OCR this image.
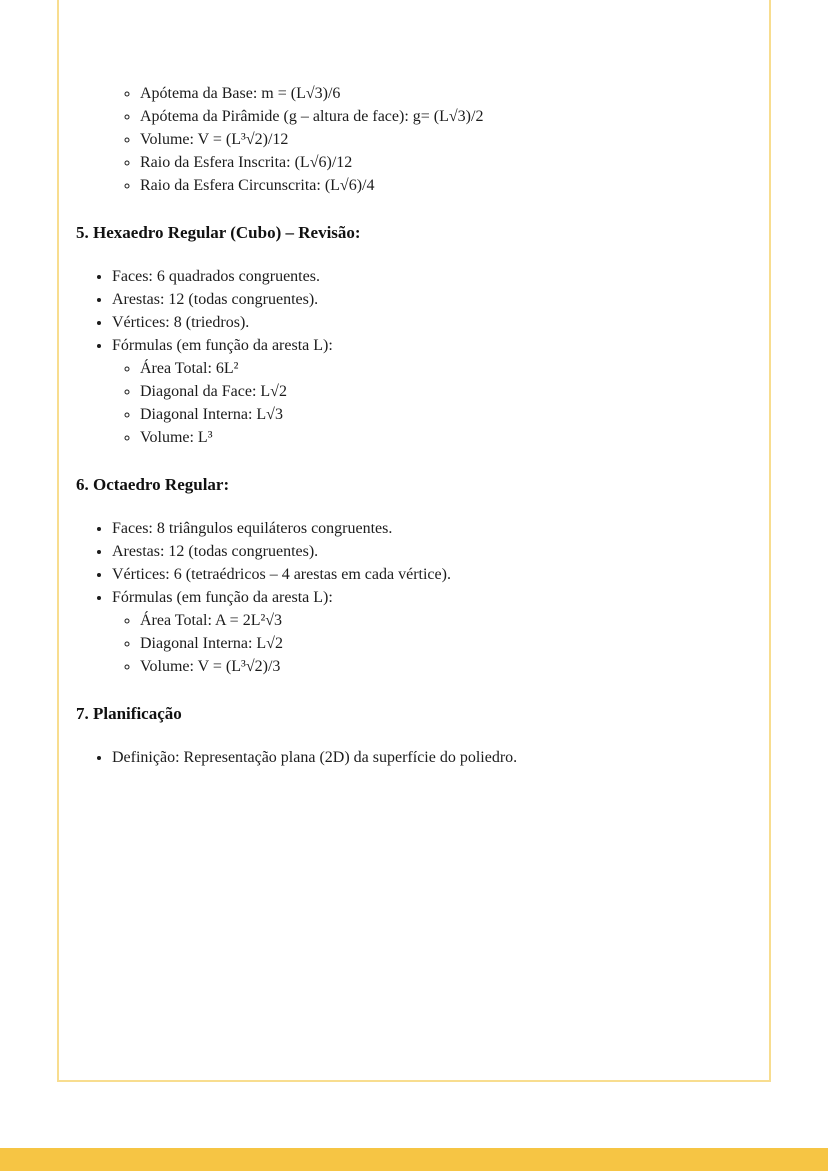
◦ Apótema da Base: m = (L√3)/6
◦ Apótema da Pirâmide (g – altura de face): g= (L√3)/2
◦ Volume: V = (L³√2)/12
◦ Raio da Esfera Inscrita: (L√6)/12
◦ Raio da Esfera Circunscrita: (L√6)/4
5. Hexaedro Regular (Cubo) – Revisão:
• Faces: 6 quadrados congruentes.
• Arestas: 12 (todas congruentes).
• Vértices: 8 (triedros).
• Fórmulas (em função da aresta L):
◦ Área Total: 6L²
◦ Diagonal da Face: L√2
◦ Diagonal Interna: L√3
◦ Volume: L³
6. Octaedro Regular:
• Faces: 8 triângulos equiláteros congruentes.
• Arestas: 12 (todas congruentes).
• Vértices: 6 (tetraédricos – 4 arestas em cada vértice).
• Fórmulas (em função da aresta L):
◦ Área Total: A = 2L²√3
◦ Diagonal Interna: L√2
◦ Volume: V = (L³√2)/3
7. Planificação
• Definição: Representação plana (2D) da superfície do poliedro.
